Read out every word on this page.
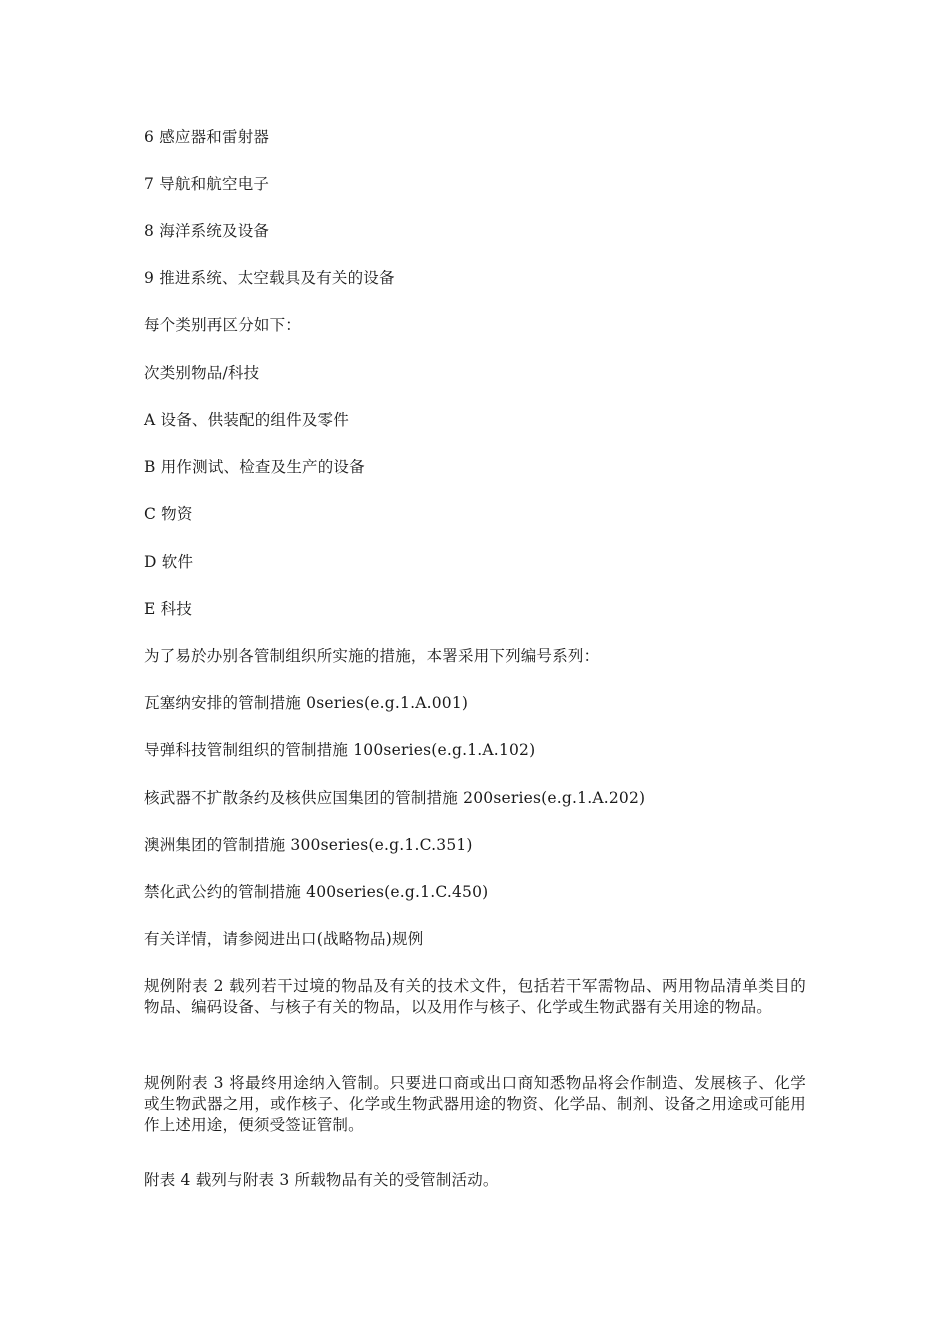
6 感应器和雷射器
7 导航和航空电子
8 海洋系统及设备
9 推进系统、太空载具及有关的设备
每个类别再区分如下：
次类别物品/科技
A 设备、供装配的组件及零件
B 用作测试、检查及生产的设备
C 物资
D 软件
E 科技
为了易於办别各管制组织所实施的措施，本署采用下列编号系列：
瓦塞纳安排的管制措施 0series(e.g.1.A.001)
导弹科技管制组织的管制措施 100series(e.g.1.A.102)
核武器不扩散条约及核供应国集团的管制措施 200series(e.g.1.A.202)
澳洲集团的管制措施 300series(e.g.1.C.351)
禁化武公约的管制措施 400series(e.g.1.C.450)
有关详情，请参阅进出口(战略物品)规例
规例附表 2 载列若干过境的物品及有关的技术文件，包括若干军需物品、两用物品清单类目的物品、编码设备、与核子有关的物品，以及用作与核子、化学或生物武器有关用途的物品。
规例附表 3 将最终用途纳入管制。只要进口商或出口商知悉物品将会作制造、发展核子、化学或生物武器之用，或作核子、化学或生物武器用途的物资、化学品、制剂、设备之用途或可能用作上述用途，便须受签证管制。
附表 4 载列与附表 3 所载物品有关的受管制活动。
